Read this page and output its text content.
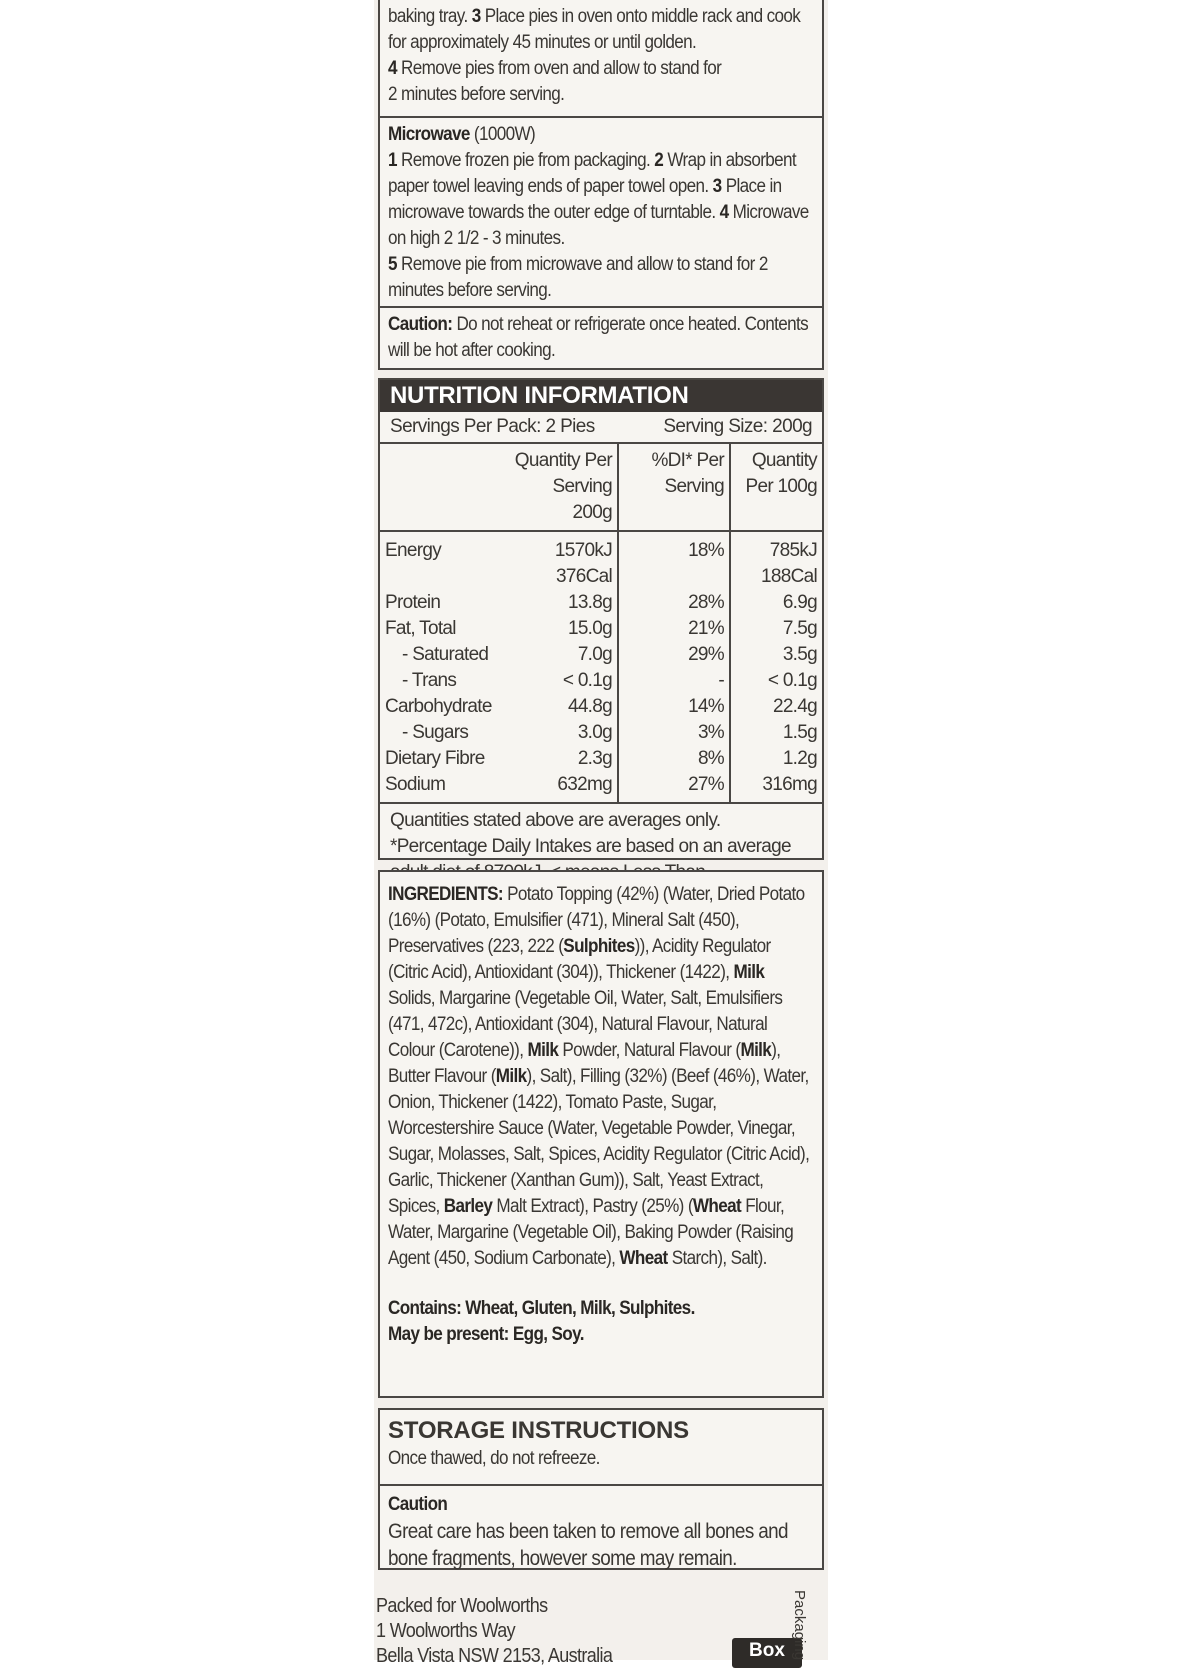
baking tray. 3 Place pies in oven onto middle rack and cook for approximately 45 minutes or until golden.
4 Remove pies from oven and allow to stand for
2 minutes before serving.
Microwave (1000W)
1 Remove frozen pie from packaging. 2 Wrap in absorbent paper towel leaving ends of paper towel open. 3 Place in microwave towards the outer edge of turntable. 4 Microwave on high 2 1/2 - 3 minutes.
5 Remove pie from microwave and allow to stand for 2 minutes before serving.
Caution: Do not reheat or refrigerate once heated. Contents will be hot after cooking.
NUTRITION INFORMATION
Servings Per Pack: 2 Pies	Serving Size: 200g
	Quantity Per Serving 200g	%DI* Per Serving	Quantity Per 100g
Energy	1570kJ	18%	785kJ
	376Cal		188Cal
Protein	13.8g	28%	6.9g
Fat, Total	15.0g	21%	7.5g
- Saturated	7.0g	29%	3.5g
- Trans	< 0.1g	-	< 0.1g
Carbohydrate	44.8g	14%	22.4g
- Sugars	3.0g	3%	1.5g
Dietary Fibre	2.3g	8%	1.2g
Sodium	632mg	27%	316mg
Quantities stated above are averages only.
*Percentage Daily Intakes are based on an average
INGREDIENTS: Potato Topping (42%) (Water, Dried Potato (16%) (Potato, Emulsifier (471), Mineral Salt (450), Preservatives (223, 222 (Sulphites)), Acidity Regulator (Citric Acid), Antioxidant (304)), Thickener (1422), Milk Solids, Margarine (Vegetable Oil, Water, Salt, Emulsifiers (471, 472c), Antioxidant (304), Natural Flavour, Natural Colour (Carotene)), Milk Powder, Natural Flavour (Milk), Butter Flavour (Milk), Salt), Filling (32%) (Beef (46%), Water, Onion, Thickener (1422), Tomato Paste, Sugar, Worcestershire Sauce (Water, Vegetable Powder, Vinegar, Sugar, Molasses, Salt, Spices, Acidity Regulator (Citric Acid), Garlic, Thickener (Xanthan Gum)), Salt, Yeast Extract, Spices, Barley Malt Extract), Pastry (25%) (Wheat Flour, Water, Margarine (Vegetable Oil), Baking Powder (Raising Agent (450, Sodium Carbonate), Wheat Starch), Salt).
Contains: Wheat, Gluten, Milk, Sulphites.
May be present: Egg, Soy.
STORAGE INSTRUCTIONS
Once thawed, do not refreeze.
Caution
Great care has been taken to remove all bones and bone fragments, however some may remain.
Packed for Woolworths
1 Woolworths Way
Bella Vista NSW 2153, Australia	Box Packaging
